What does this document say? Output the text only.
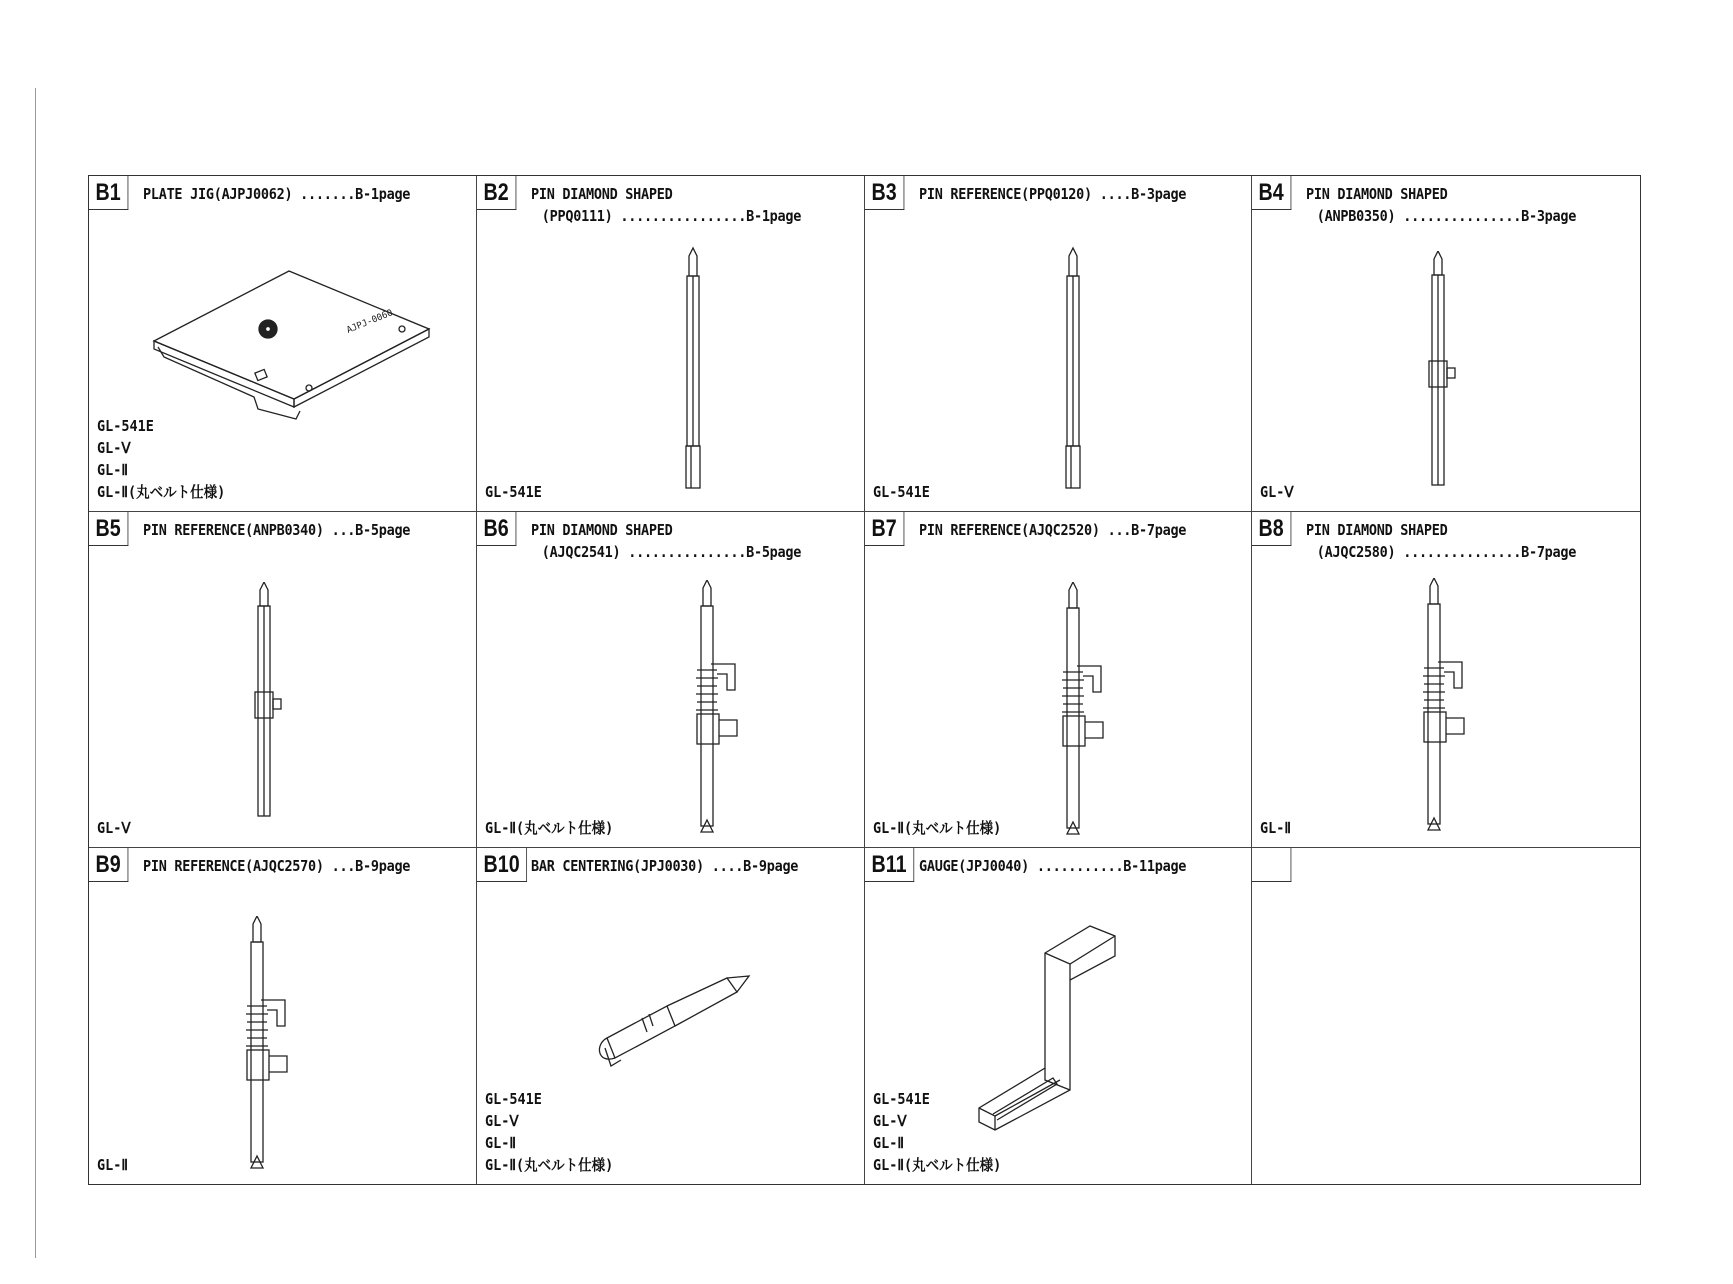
B1	PLATE JIG(AJPJ0062) .......B-1page
AJPJ-0060
GL-541E
GL-Ⅴ
GL-Ⅱ
GL-Ⅱ(丸ベルト仕様)
B2	PIN DIAMOND SHAPED
(PPQ0111) ................B-1page
GL-541E
B3	PIN REFERENCE(PPQ0120) ....B-3page
GL-541E
B4	PIN DIAMOND SHAPED
(ANPB0350) ...............B-3page
GL-Ⅴ
B5	PIN REFERENCE(ANPB0340) ...B-5page
GL-Ⅴ
B6	PIN DIAMOND SHAPED
(AJQC2541) ...............B-5page
GL-Ⅱ(丸ベルト仕様)
B7	PIN REFERENCE(AJQC2520) ...B-7page
GL-Ⅱ(丸ベルト仕様)
B8	PIN DIAMOND SHAPED
(AJQC2580) ...............B-7page
GL-Ⅱ
B9	PIN REFERENCE(AJQC2570) ...B-9page
GL-Ⅱ
B10 BAR CENTERING(JPJ0030) ....B-9page
GL-541E
GL-Ⅴ
GL-Ⅱ
GL-Ⅱ(丸ベルト仕様)
B11 GAUGE(JPJ0040) ...........B-11page
GL-541E
GL-Ⅴ
GL-Ⅱ
GL-Ⅱ(丸ベルト仕様)
